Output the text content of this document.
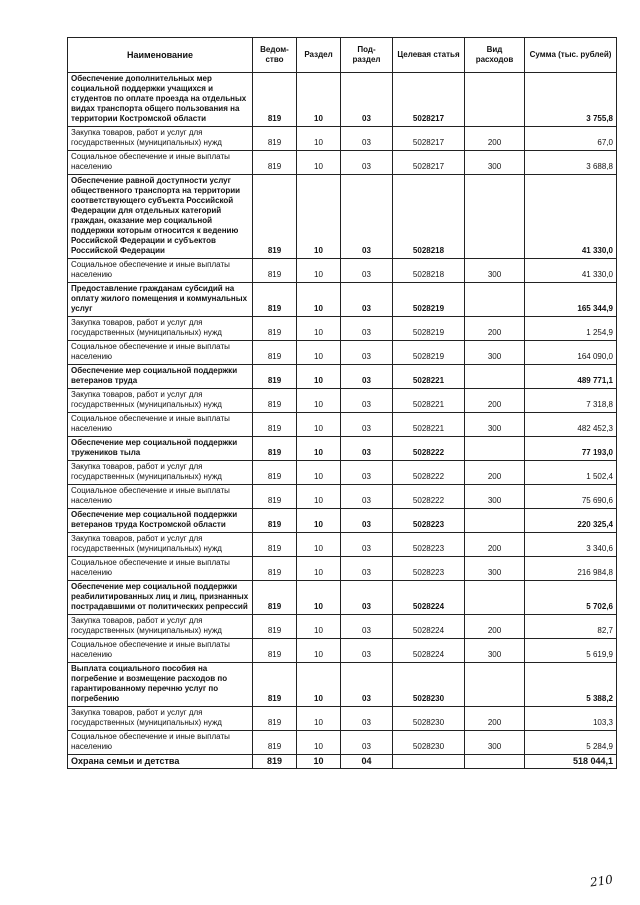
Наименование	Ведом-ство	Раздел	Под-раздел	Целевая статья	Вид расходов	Сумма (тыс. рублей)
Обеспечение дополнительных мер социальной поддержки учащихся и студентов по оплате проезда на отдельных видах транспорта общего пользования на территории Костромской области	819	10	03	5028217		3 755,8
Закупка товаров, работ и услуг для государственных (муниципальных) нужд	819	10	03	5028217	200	67,0
Социальное обеспечение и иные выплаты населению	819	10	03	5028217	300	3 688,8
Обеспечение равной доступности услуг общественного транспорта на территории соответствующего субъекта Российской Федерации для отдельных категорий граждан, оказание мер социальной поддержки которым относится к ведению Российской Федерации и субъектов Российской Федерации	819	10	03	5028218		41 330,0
Социальное обеспечение и иные выплаты населению	819	10	03	5028218	300	41 330,0
Предоставление гражданам субсидий на оплату жилого помещения и коммунальных услуг	819	10	03	5028219		165 344,9
Закупка товаров, работ и услуг для государственных (муниципальных) нужд	819	10	03	5028219	200	1 254,9
Социальное обеспечение и иные выплаты населению	819	10	03	5028219	300	164 090,0
Обеспечение мер социальной поддержки ветеранов труда	819	10	03	5028221		489 771,1
Закупка товаров, работ и услуг для государственных (муниципальных) нужд	819	10	03	5028221	200	7 318,8
Социальное обеспечение и иные выплаты населению	819	10	03	5028221	300	482 452,3
Обеспечение мер социальной поддержки тружеников тыла	819	10	03	5028222		77 193,0
Закупка товаров, работ и услуг для государственных (муниципальных) нужд	819	10	03	5028222	200	1 502,4
Социальное обеспечение и иные выплаты населению	819	10	03	5028222	300	75 690,6
Обеспечение мер социальной поддержки ветеранов труда Костромской области	819	10	03	5028223		220 325,4
Закупка товаров, работ и услуг для государственных (муниципальных) нужд	819	10	03	5028223	200	3 340,6
Социальное обеспечение и иные выплаты населению	819	10	03	5028223	300	216 984,8
Обеспечение мер социальной поддержки реабилитированных лиц и лиц, признанных пострадавшими от политических репрессий	819	10	03	5028224		5 702,6
Закупка товаров, работ и услуг для государственных (муниципальных) нужд	819	10	03	5028224	200	82,7
Социальное обеспечение и иные выплаты населению	819	10	03	5028224	300	5 619,9
Выплата социального пособия на погребение и возмещение расходов по гарантированному перечню услуг по погребению	819	10	03	5028230		5 388,2
Закупка товаров, работ и услуг для государственных (муниципальных) нужд	819	10	03	5028230	200	103,3
Социальное обеспечение и иные выплаты населению	819	10	03	5028230	300	5 284,9
Охрана семьи и детства	819	10	04			518 044,1
210
